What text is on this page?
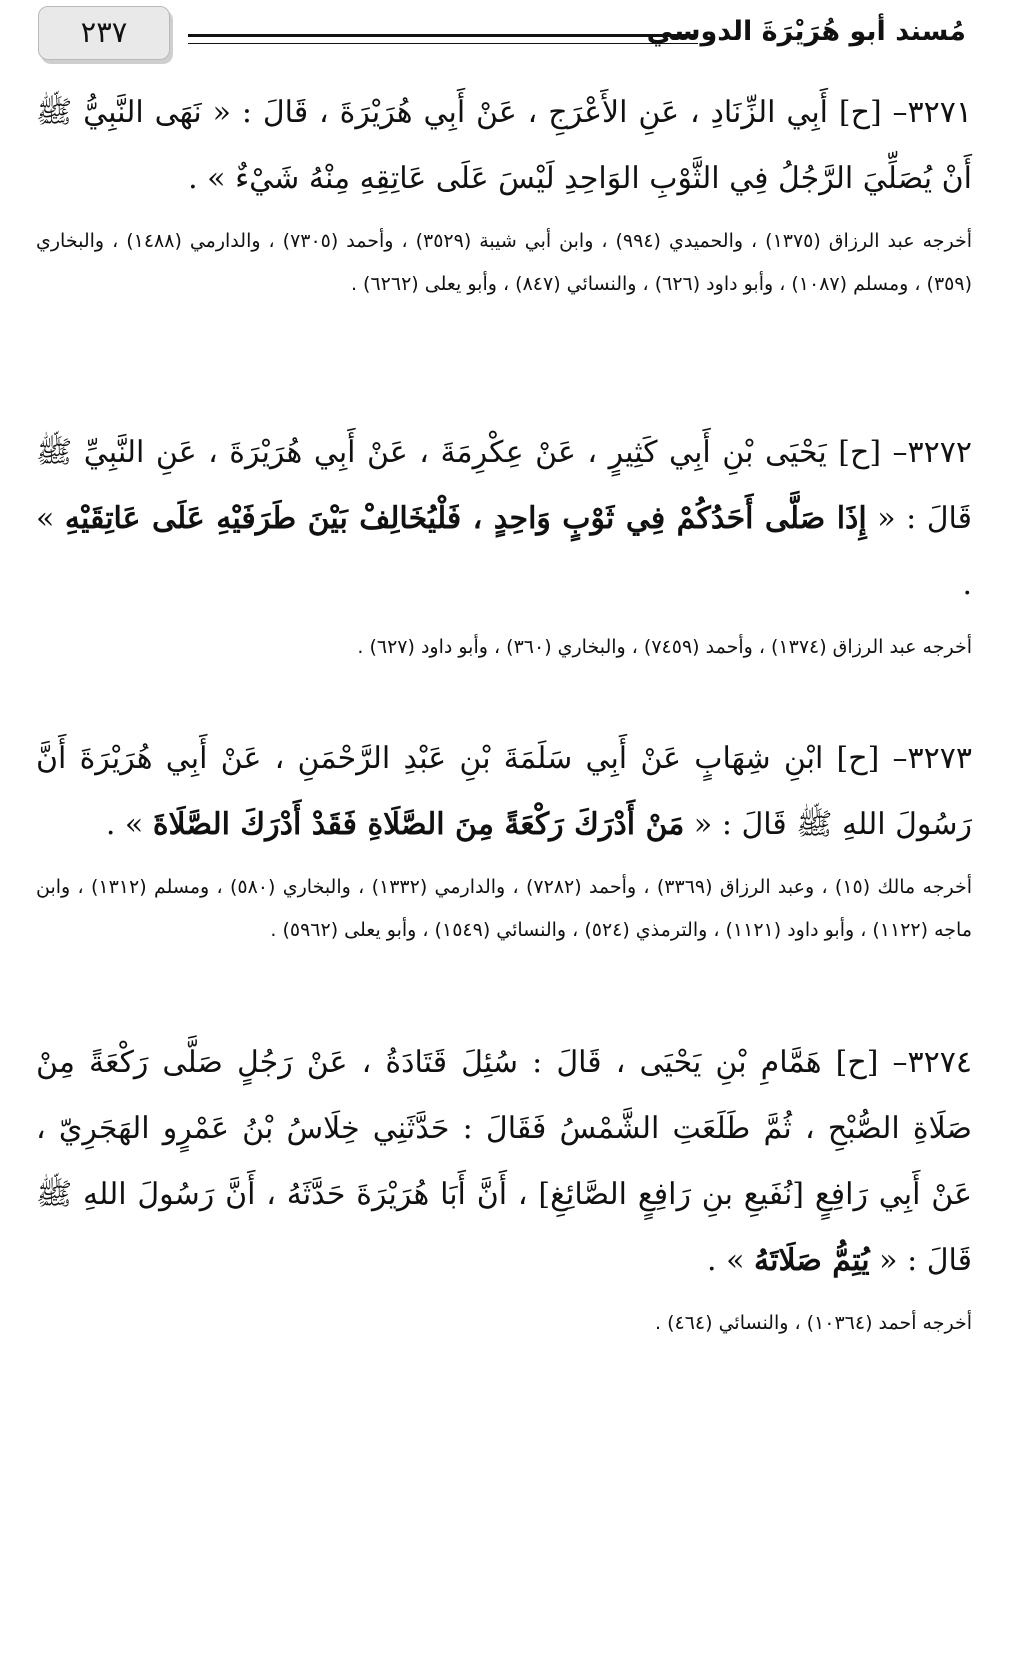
٢٣٧	مُسند أبو هُرَيْرَةَ الدوسي

٣٢٧١– [ح] أَبِي الزِّنَادِ ، عَنِ الأَعْرَجِ ، عَنْ أَبِي هُرَيْرَةَ ، قَالَ : « نَهَى النَّبِيُّ ﷺ أَنْ يُصَلِّيَ الرَّجُلُ فِي الثَّوْبِ الوَاحِدِ لَيْسَ عَلَى عَاتِقِهِ مِنْهُ شَيْءٌ » .

أخرجه عبد الرزاق (١٣٧٥) ، والحميدي (٩٩٤) ، وابن أبي شيبة (٣٥٢٩) ، وأحمد (٧٣٠٥) ، والدارمي (١٤٨٨) ، والبخاري (٣٥٩) ، ومسلم (١٠٨٧) ، وأبو داود (٦٢٦) ، والنسائي (٨٤٧) ، وأبو يعلى (٦٢٦٢) .

٣٢٧٢– [ح] يَحْيَى بْنِ أَبِي كَثِيرٍ ، عَنْ عِكْرِمَةَ ، عَنْ أَبِي هُرَيْرَةَ ، عَنِ النَّبِيِّ ﷺ قَالَ : « إِذَا صَلَّى أَحَدُكُمْ فِي ثَوْبٍ وَاحِدٍ ، فَلْيُخَالِفْ بَيْنَ طَرَفَيْهِ عَلَى عَاتِقَيْهِ » .

أخرجه عبد الرزاق (١٣٧٤) ، وأحمد (٧٤٥٩) ، والبخاري (٣٦٠) ، وأبو داود (٦٢٧) .

٣٢٧٣– [ح] ابْنِ شِهَابٍ عَنْ أَبِي سَلَمَةَ بْنِ عَبْدِ الرَّحْمَنِ ، عَنْ أَبِي هُرَيْرَةَ أَنَّ رَسُولَ اللهِ ﷺ قَالَ : « مَنْ أَدْرَكَ رَكْعَةً مِنَ الصَّلَاةِ فَقَدْ أَدْرَكَ الصَّلَاةَ » .

أخرجه مالك (١٥) ، وعبد الرزاق (٣٣٦٩) ، وأحمد (٧٢٨٢) ، والدارمي (١٣٣٢) ، والبخاري (٥٨٠) ، ومسلم (١٣١٢) ، وابن ماجه (١١٢٢) ، وأبو داود (١١٢١) ، والترمذي (٥٢٤) ، والنسائي (١٥٤٩) ، وأبو يعلى (٥٩٦٢) .

٣٢٧٤– [ح] هَمَّامِ بْنِ يَحْيَى ، قَالَ : سُئِلَ قَتَادَةُ ، عَنْ رَجُلٍ صَلَّى رَكْعَةً مِنْ صَلَاةِ الصُّبْحِ ، ثُمَّ طَلَعَتِ الشَّمْسُ فَقَالَ : حَدَّثَنِي خِلَاسُ بْنُ عَمْرٍو الهَجَرِيّ ، عَنْ أَبِي رَافِعٍ [نُفَيعِ بنِ رَافِعٍ الصَّائِغِ] ، أَنَّ أَبَا هُرَيْرَةَ حَدَّثَهُ ، أَنَّ رَسُولَ اللهِ ﷺ قَالَ : « يُتِمُّ صَلَاتَهُ » .

أخرجه أحمد (١٠٣٦٤) ، والنسائي (٤٦٤) .
